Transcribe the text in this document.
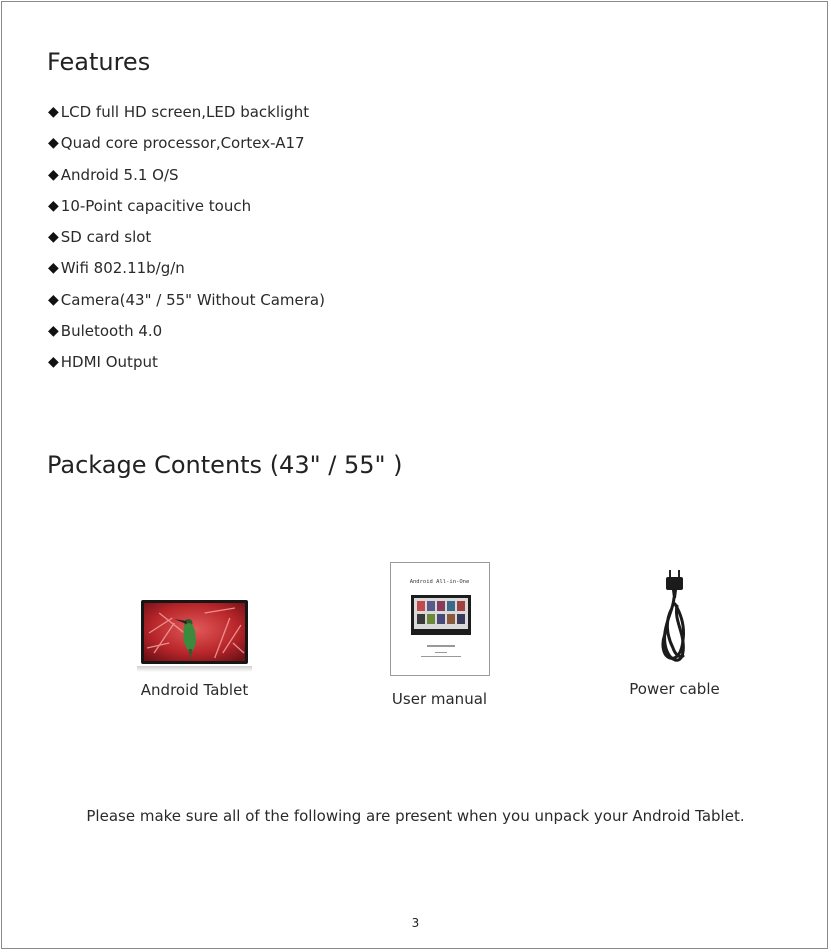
Features
◆ LCD full HD screen,LED backlight
◆ Quad core processor,Cortex-A17
◆ Android 5.1 O/S
◆ 10-Point capacitive touch
◆ SD card slot
◆ Wifi 802.11b/g/n
◆ Camera(43" / 55" Without Camera)
◆ Buletooth 4.0
◆ HDMI Output
Package Contents (43" / 55" )
Android Tablet
Android All-in-One
User manual
Power cable
Please make sure all of the following are present when you unpack your Android Tablet.
3
